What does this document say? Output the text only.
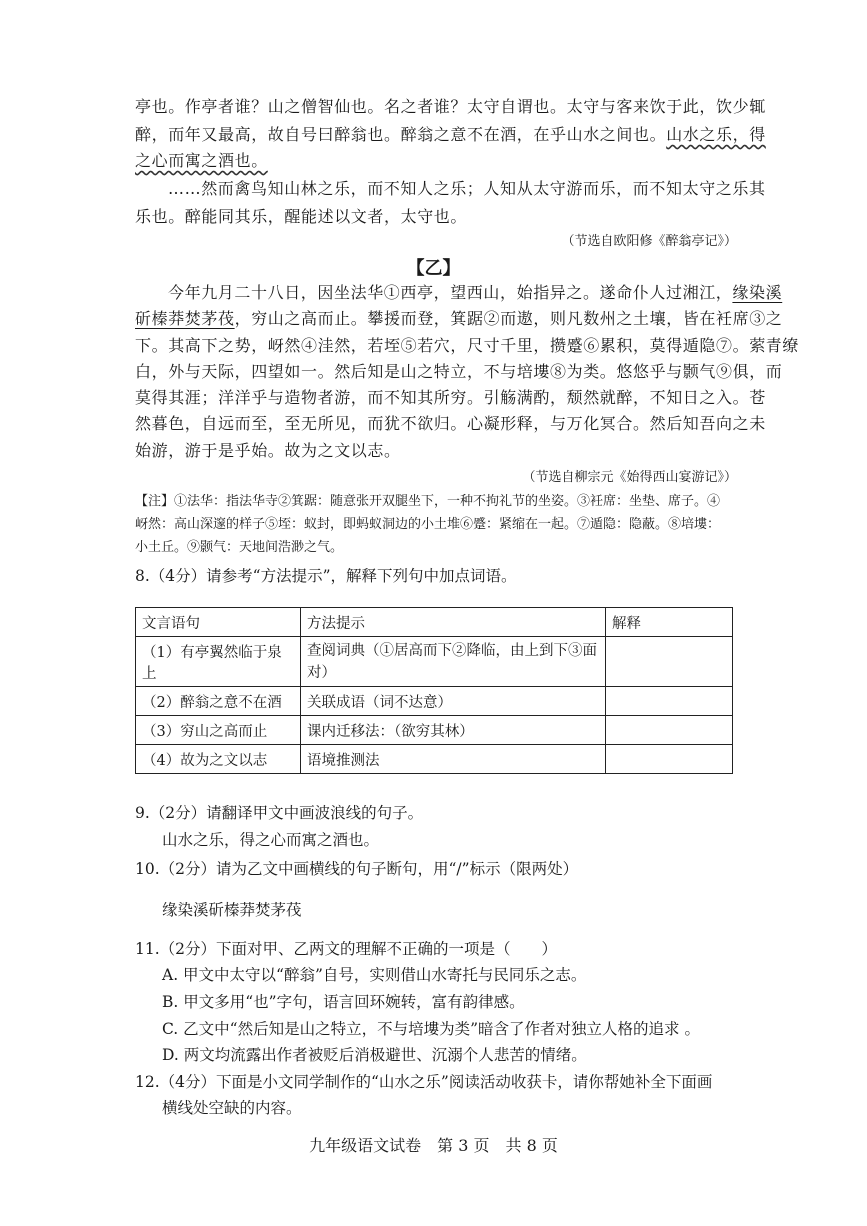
亭也。作亭者谁？山之僧智仙也。名之者谁？太守自谓也。太守与客来饮于此，饮少辄
醉，而年又最高，故自号曰醉翁也。醉翁之意不在酒，在乎山水之间也。山水之乐，得
之心而寓之酒也。
……然而禽鸟知山林之乐，而不知人之乐；人知从太守游而乐，而不知太守之乐其
乐也。醉能同其乐，醒能述以文者，太守也。
（节选自欧阳修《醉翁亭记》）
【乙】
今年九月二十八日，因坐法华①西亭，望西山，始指异之。遂命仆人过湘江，缘染溪
斫榛莽焚茅茷，穷山之高而止。攀援而登，箕踞②而遨，则凡数州之土壤，皆在衽席③之
下。其高下之势，岈然④洼然，若垤⑤若穴，尺寸千里，攒蹙⑥累积，莫得遁隐⑦。萦青缭
白，外与天际，四望如一。然后知是山之特立，不与培塿⑧为类。悠悠乎与颢气⑨俱，而
莫得其涯；洋洋乎与造物者游，而不知其所穷。引觞满酌，颓然就醉，不知日之入。苍
然暮色，自远而至，至无所见，而犹不欲归。心凝形释，与万化冥合。然后知吾向之未
始游，游于是乎始。故为之文以志。
（节选自柳宗元《始得西山宴游记》）
【注】①法华：指法华寺②箕踞：随意张开双腿坐下，一种不拘礼节的坐姿。③衽席：坐垫、席子。④
岈然：高山深邃的样子⑤垤：蚁封，即蚂蚁洞边的小土堆⑥蹙：紧缩在一起。⑦遁隐：隐蔽。⑧培塿：
小土丘。⑨颢气：天地间浩渺之气。
8.（4分）请参考“方法提示”，解释下列句中加点词语。
文言语句	方法提示	解释
（1）有亭翼然临于泉上	查阅词典（①居高而下②降临，由上到下③面对）	
（2）醉翁之意不在酒	关联成语（词不达意）	
（3）穷山之高而止	课内迁移法：（欲穷其林）	
（4）故为之文以志	语境推测法	
9.（2分）请翻译甲文中画波浪线的句子。
山水之乐，得之心而寓之酒也。
10.（2分）请为乙文中画横线的句子断句，用“/”标示（限两处）
缘染溪斫榛莽焚茅茷
11.（2分）下面对甲、乙两文的理解不正确的一项是（　　）
A. 甲文中太守以“醉翁”自号，实则借山水寄托与民同乐之志。
B. 甲文多用“也”字句，语言回环婉转，富有韵律感。
C. 乙文中“然后知是山之特立，不与培塿为类”暗含了作者对独立人格的追求 。
D. 两文均流露出作者被贬后消极避世、沉溺个人悲苦的情绪。
12.（4分）下面是小文同学制作的“山水之乐”阅读活动收获卡，请你帮她补全下面画
横线处空缺的内容。
九年级语文试卷　第 3 页　共 8 页
